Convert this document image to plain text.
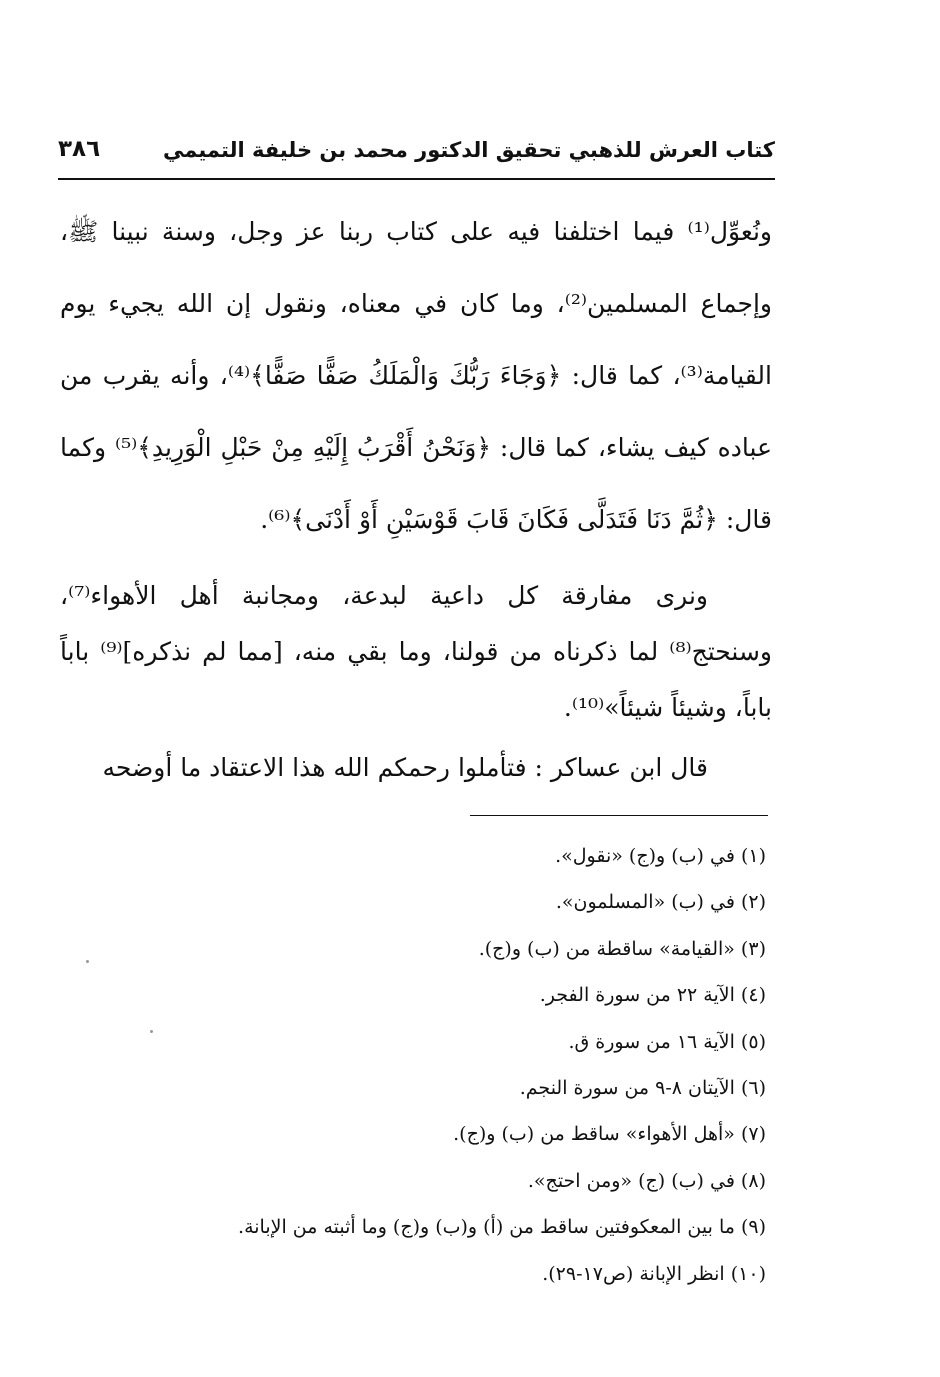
كتاب العرش للذهبي تحقيق الدكتور محمد بن خليفة التميمي
٣٨٦

ونُعوِّل⁽¹⁾ فيما اختلفنا فيه على كتاب ربنا عز وجل، وسنة نبينا ﷺ، وإجماع المسلمين⁽²⁾، وما كان في معناه، ونقول إن الله يجيء يوم القيامة⁽³⁾، كما قال: ﴿وَجَاءَ رَبُّكَ وَالْمَلَكُ صَفًّا صَفًّا﴾⁽⁴⁾، وأنه يقرب من عباده كيف يشاء، كما قال: ﴿وَنَحْنُ أَقْرَبُ إِلَيْهِ مِنْ حَبْلِ الْوَرِيدِ﴾⁽⁵⁾ وكما قال: ﴿ثُمَّ دَنَا فَتَدَلَّى فَكَانَ قَابَ قَوْسَيْنِ أَوْ أَدْنَى﴾⁽⁶⁾.

ونرى مفارقة كل داعية لبدعة، ومجانبة أهل الأهواء⁽⁷⁾، وسنحتج⁽⁸⁾ لما ذكرناه من قولنا، وما بقي منه، [مما لم نذكره]⁽⁹⁾ باباً باباً، وشيئاً شيئاً»⁽¹⁰⁾.

قال ابن عساكر : فتأملوا رحمكم الله هذا الاعتقاد ما أوضحه

(١) في (ب) و(ج) «نقول».
(٢) في (ب) «المسلمون».
(٣) «القيامة» ساقطة من (ب) و(ج).
(٤) الآية ٢٢ من سورة الفجر.
(٥) الآية ١٦ من سورة ق.
(٦) الآيتان ٨-٩ من سورة النجم.
(٧) «أهل الأهواء» ساقط من (ب) و(ج).
(٨) في (ب) (ج) «ومن احتج».
(٩) ما بين المعكوفتين ساقط من (أ) و(ب) و(ج) وما أثبته من الإبانة.
(١٠) انظر الإبانة (ص١٧-٢٩).
